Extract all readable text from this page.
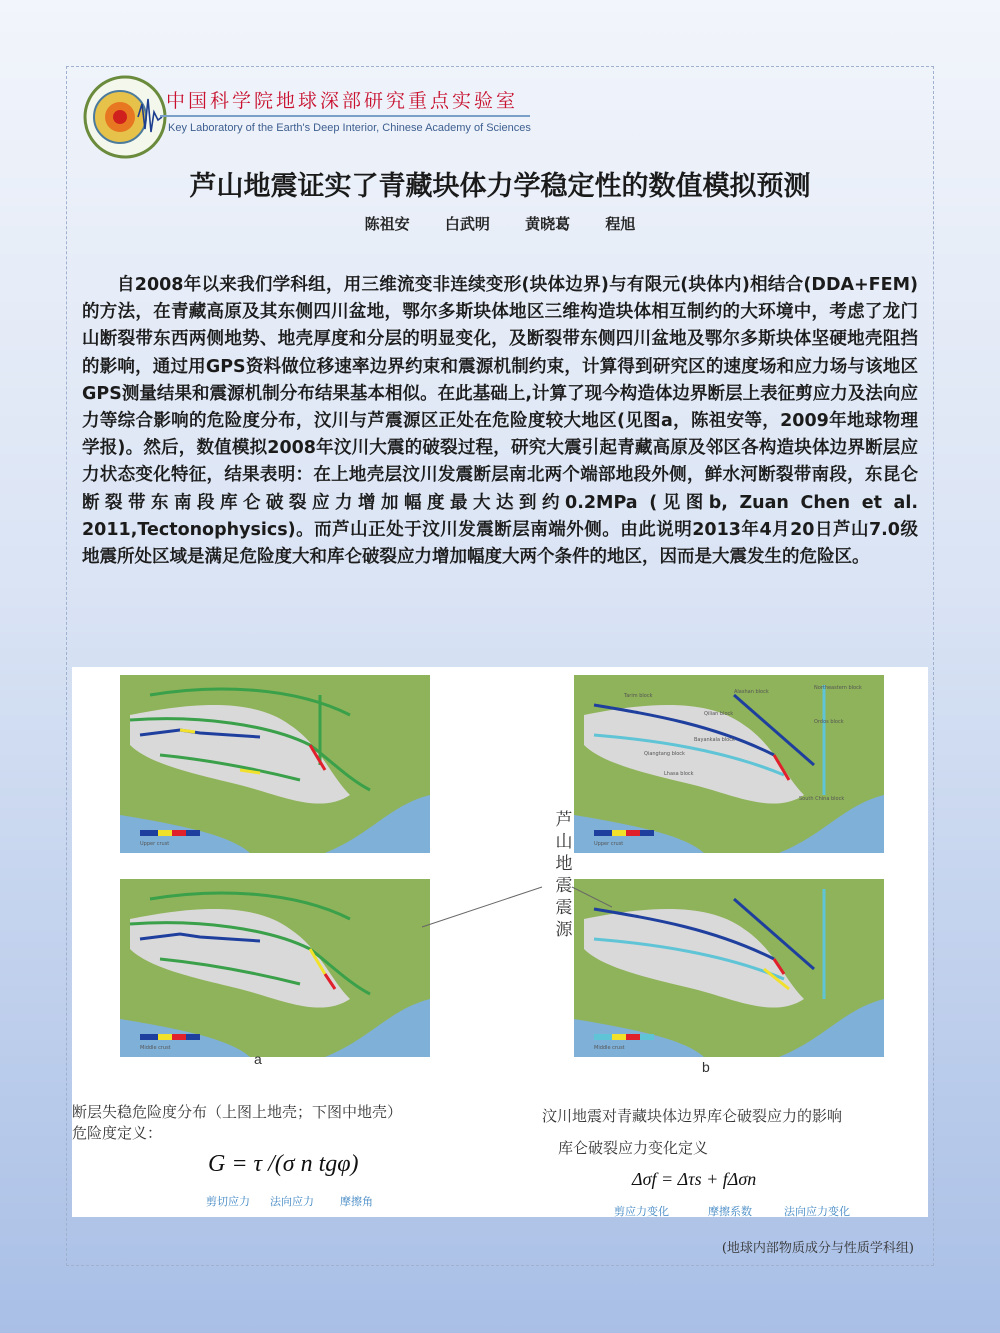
中国科学院地球深部研究重点实验室
Key Laboratory of the Earth's Deep Interior, Chinese Academy of Sciences
芦山地震证实了青藏块体力学稳定性的数值模拟预测
陈祖安 白武明 黄晓葛 程旭
自2008年以来我们学科组，用三维流变非连续变形(块体边界)与有限元(块体内)相结合(DDA+FEM)的方法，在青藏高原及其东侧四川盆地，鄂尔多斯块体地区三维构造块体相互制约的大环境中，考虑了龙门山断裂带东西两侧地势、地壳厚度和分层的明显变化，及断裂带东侧四川盆地及鄂尔多斯块体坚硬地壳阻挡的影响，通过用GPS资料做位移速率边界约束和震源机制约束，计算得到研究区的速度场和应力场与该地区GPS测量结果和震源机制分布结果基本相似。在此基础上,计算了现今构造体边界断层上表征剪应力及法向应力等综合影响的危险度分布，汶川与芦震源区正处在危险度较大地区(见图a，陈祖安等，2009年地球物理学报)。然后，数值模拟2008年汶川大震的破裂过程，研究大震引起青藏高原及邻区各构造块体边界断层应力状态变化特征，结果表明：在上地壳层汶川发震断层南北两个端部地段外侧，鲜水河断裂带南段，东昆仑断裂带东南段库仑破裂应力增加幅度最大达到约0.2MPa (见图b, Zuan Chen et al. 2011,Tectonophysics)。而芦山正处于汶川发震断层南端外侧。由此说明2013年4月20日芦山7.0级地震所处区域是满足危险度大和库仑破裂应力增加幅度大两个条件的地区，因而是大震发生的危险区。
Upper crust
Middle crust
Tarim block
Alashan block
Northeastern block
Qilian block
Ordos block
Bayankala block
Qiangtang block
Lhasa block
South China block
Upper crust
Middle crust
芦山地震震源
a	b
断层失稳危险度分布（上图上地壳；下图中地壳）
危险度定义：
G = τ /(σ n tgφ)
剪切应力 法向应力 摩擦角
汶川地震对青藏块体边界库仑破裂应力的影响
库仑破裂应力变化定义
Δσf = Δτs + fΔσn
剪应力变化	摩擦系数	法向应力变化
(地球内部物质成分与性质学科组)
